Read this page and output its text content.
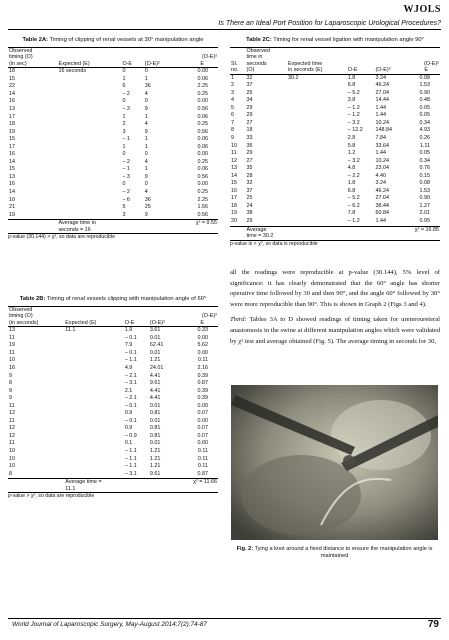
WJOLS
Is There an Ideal Port Position for Laparoscopic Urological Procedures?
Table 2A: Timing of clipping of renal vessels at 30° manipulation angle
Observed				
timing (O)				(O-E)²
(in sec)	Expected (E)	O-E	(O-E)²	E
18	16 seconds	0	0	0.00
15		1	1	0.06
22		6	36	2.25
14		– 2	4	0.25
16		0	0	0.00
13		– 3	9	0.56
17		1	1	0.06
18		2	4	0.25
19		3	9	0.56
15		– 1	1	0.06
17		1	1	0.06
16		0	0	0.00
14		– 2	4	0.25
15		– 1	1	0.06
13		– 3	9	0.56
16		0	0	0.00
14		– 2	4	0.25
10		– 6	36	2.25
21		5	25	1.56
19		3	9	0.56
	Average time in		χ² = 9.55	
	seconds = 16			
p-value (30.144) > χ², so data are reproducible
Table 2B: Timing of renal vessels clipping with manipulation angle of 60°
Observed				
timing (O)				(O-E)²
(in seconds)	Expected (E)	O-E	(O-E)²	E
13	11.1	1.9	3.61	0.33
11		– 0.1	0.01	0.00
19		7.9	62.41	5.62
11		– 0.1	0.01	0.00
10		– 1.1	1.21	0.11
16		4.9	24.01	2.16
9		– 2.1	4.41	0.39
8		– 3.1	9.61	0.87
9		2.1	4.41	0.39
9		– 2.1	4.41	0.39
11		– 0.1	0.01	0.00
12		0.9	0.81	0.07
11		– 0.1	0.01	0.00
12		0.9	0.81	0.07
12		– 0.9	0.81	0.07
11		0.1	0.01	0.00
10		– 1.1	1.21	0.11
10		– 1.1	1.21	0.11
10		– 1.1	1.21	0.11
8		– 3.1	9.61	0.87
	Average time =		χ² = 11.66	
	11.1			
p-value > χ², so data are reproducible
Table 2C: Timing for renal vessel ligation with manipulation angle 90°
	Observed				
	time in				
Sl.	seconds	Expected time			(O-E)²
no.	(O)	in seconds (E)	O-E	(O-E)²	E
1	32	30.2	1.8	3.24	0.08
2	37		6.8	46.24	1.53
3	25		– 5.2	27.04	0.90
4	34		3.8	14.44	0.48
5	29		– 1.2	1.44	0.05
6	29		– 1.2	1.44	0.05
7	27		– 3.2	10.24	0.34
8	18		– 12.2	148.84	4.93
9	33		2.8	7.84	0.26
10	36		5.8	33.64	1.11
11	29		1.2	1.44	0.05
12	27		– 3.2	10.24	0.34
13	35		4.8	23.04	0.76
14	28		– 2.2	4.40	0.15
15	32		1.8	3.24	0.08
16	37		6.8	46.24	1.53
17	25		– 5.2	27.04	0.90
18	24		– 6.2	38.44	1.27
19	38		7.8	60.84	2.01
20	29		– 1.2	1.44	0.05
	Average			χ² = 16.85	
	time = 30.2				
p-value is > χ², so data is reproducible

all the readings were reproducible at p-value (30.144), 5% level of significance: it has clearly demonstrated that the 60° angle has shorter operative time followed by 30 and then 90°, and the angle 60° followed by 30° were more reproducible than 90°. This is shown in Graph 2 (Figs 3 and 4).

Third: Tables 3A to D showed readings of timing taken for ureteroureteral anastomosis in the swine at different manipulation angles which were validated by χ² test and average obtained (Fig. 5). The average timing in seconds for 30,

Fig. 2: Tying a knot around a fixed distance to ensure the manipulation angle is maintained
World Journal of Laparoscopic Surgery, May-August 2014;7(2):74-87	79
